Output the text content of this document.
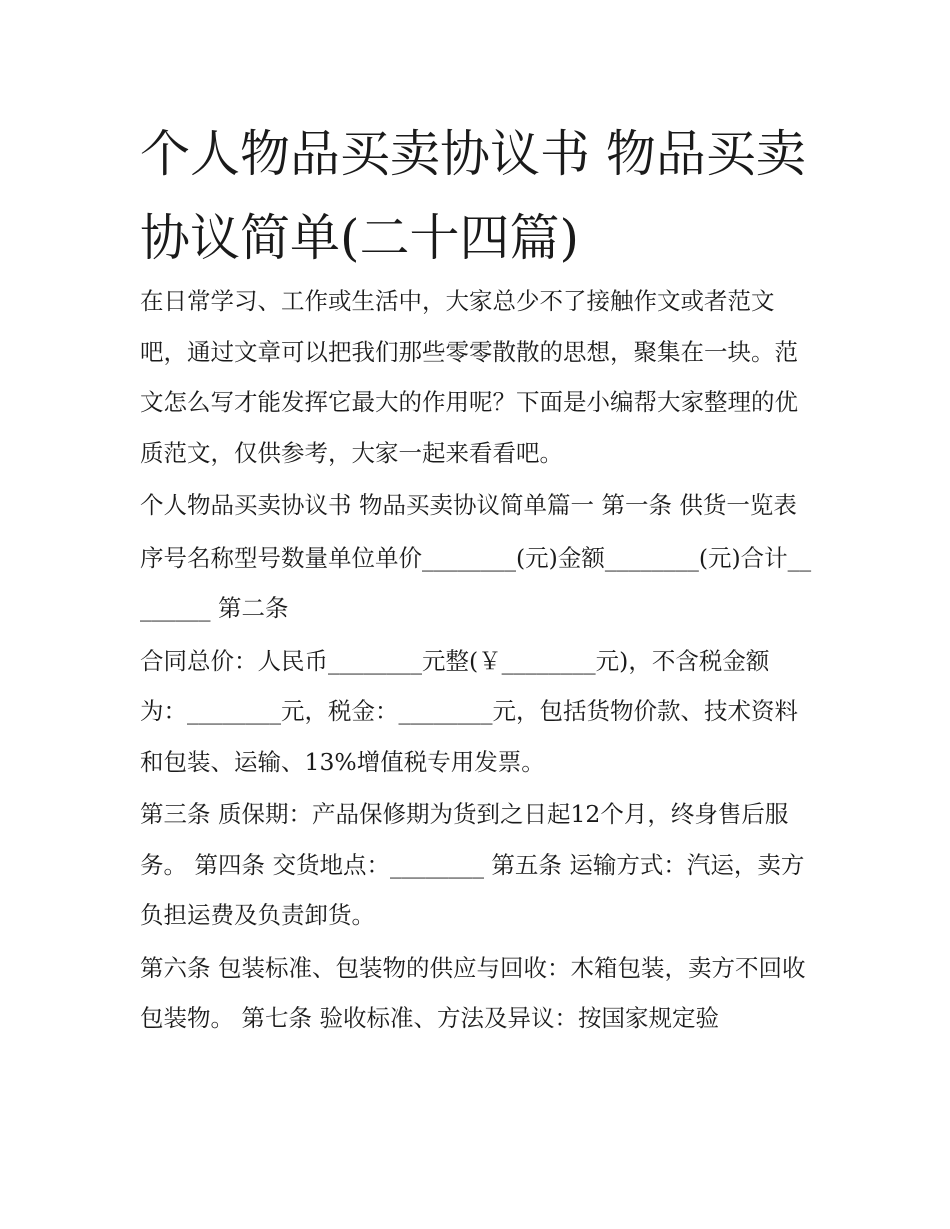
个人物品买卖协议书 物品买卖协议简单(二十四篇)

在日常学习、工作或生活中，大家总少不了接触作文或者范文吧，通过文章可以把我们那些零零散散的思想，聚集在一块。范文怎么写才能发挥它最大的作用呢？下面是小编帮大家整理的优质范文，仅供参考，大家一起来看看吧。

个人物品买卖协议书 物品买卖协议简单篇一 第一条 供货一览表

序号名称型号数量单位单价________(元)金额________(元)合计________ 第二条

合同总价：人民币________元整(￥________元)，不含税金额为：________元，税金：________元，包括货物价款、技术资料和包装、运输、13%增值税专用发票。

第三条 质保期：产品保修期为货到之日起12个月，终身售后服务。 第四条 交货地点：________ 第五条 运输方式：汽运，卖方负担运费及负责卸货。

第六条 包装标准、包装物的供应与回收：木箱包装，卖方不回收包装物。 第七条 验收标准、方法及异议：按国家规定验
